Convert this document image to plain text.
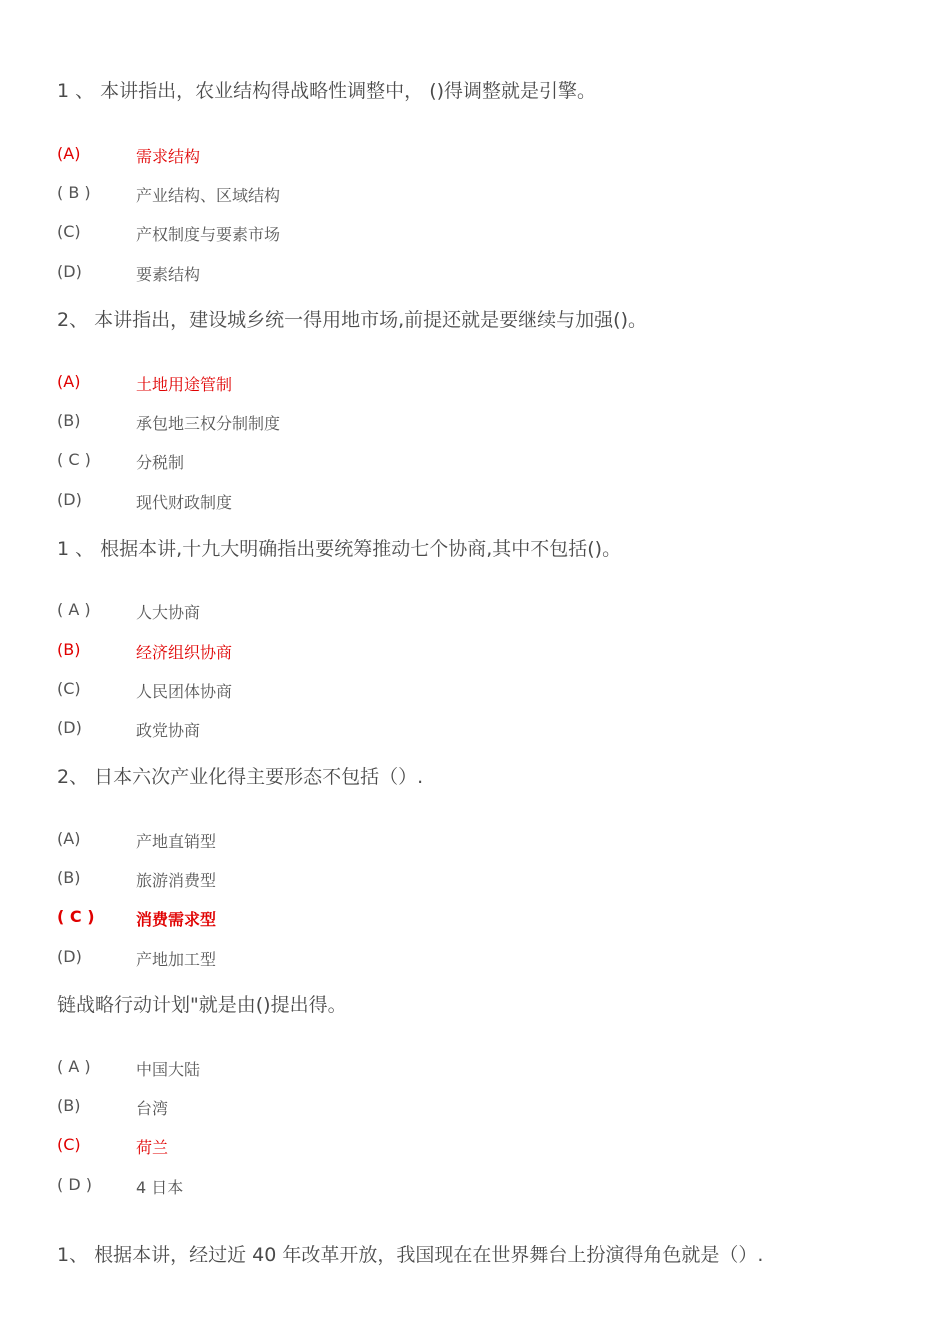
1 、 本讲指出，农业结构得战略性调整中， ()得调整就是引擎。
(A)	需求结构
( B )	产业结构、区域结构
(C)	产权制度与要素市场
(D)	要素结构
2、 本讲指出，建设城乡统一得用地市场,前提还就是要继续与加强()。
(A)	土地用途管制
(B)	承包地三权分制制度
( C )	分税制
(D)	现代财政制度
1 、 根据本讲,十九大明确指出要统筹推动七个协商,其中不包括()。
( A )	人大协商
(B)	经济组织协商
(C)	人民团体协商
(D)	政党协商
2、 日本六次产业化得主要形态不包括（）.
(A)	产地直销型
(B)	旅游消费型
( C )	消费需求型
(D)	产地加工型
链战略行动计划"就是由()提出得。
( A )	中国大陆
(B)	台湾
(C)	荷兰
( D )	4 日本
1、 根据本讲，经过近 40 年改革开放，我国现在在世界舞台上扮演得角色就是（）.
